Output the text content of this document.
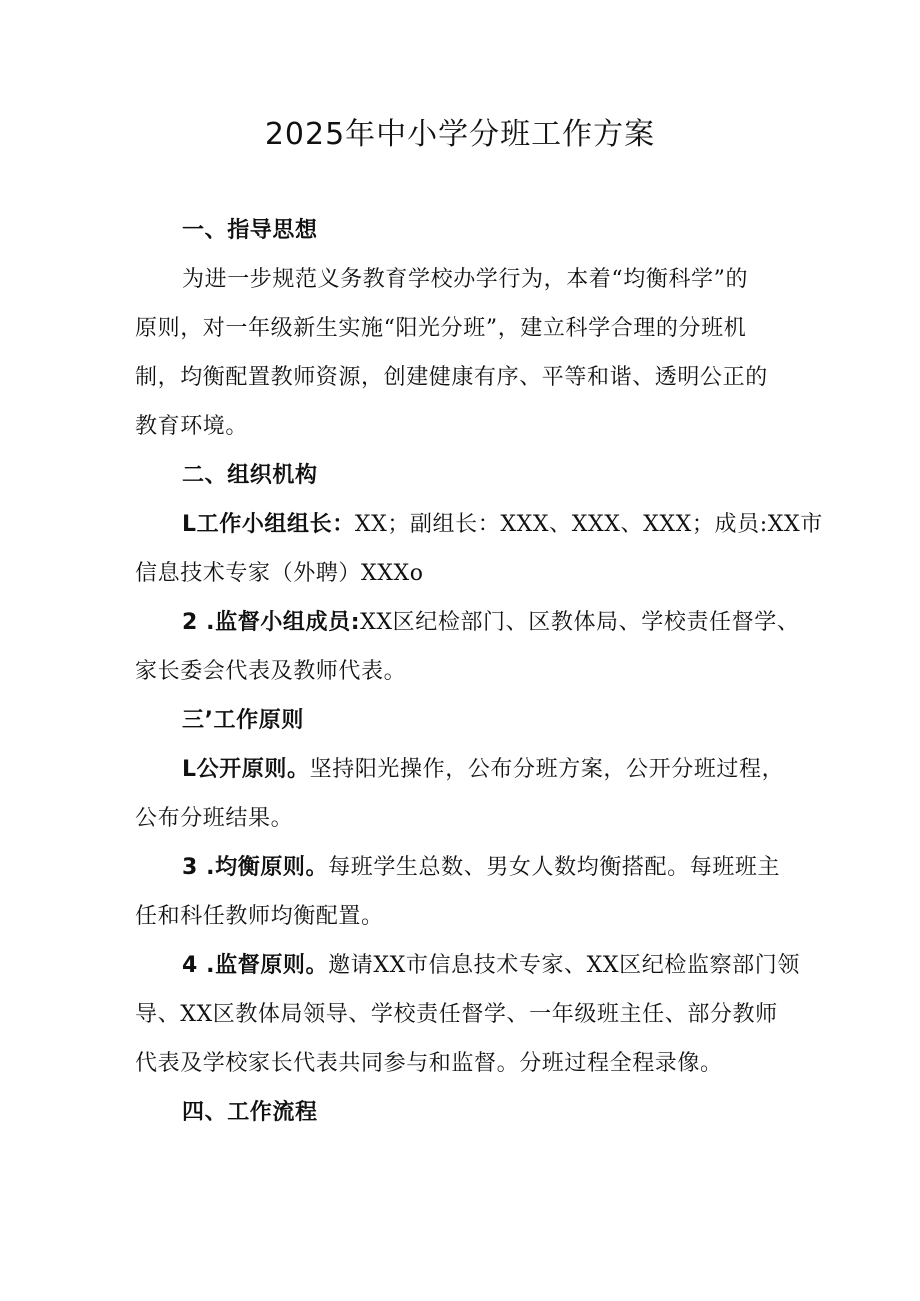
2025年中小学分班工作方案
一、指导思想
为进一步规范义务教育学校办学行为，本着“均衡科学”的
原则，对一年级新生实施“阳光分班”，建立科学合理的分班机
制，均衡配置教师资源，创建健康有序、平等和谐、透明公正的
教育环境。
二、组织机构
L工作小组组长：XX；副组长：XXX、XXX、XXX；成员:XX市
信息技术专家（外聘）XXXo
2 .监督小组成员:XX区纪检部门、区教体局、学校责任督学、
家长委会代表及教师代表。
三’工作原则
L公开原则。坚持阳光操作，公布分班方案，公开分班过程，
公布分班结果。
3 .均衡原则。每班学生总数、男女人数均衡搭配。每班班主
任和科任教师均衡配置。
4 .监督原则。邀请XX市信息技术专家、XX区纪检监察部门领
导、XX区教体局领导、学校责任督学、一年级班主任、部分教师
代表及学校家长代表共同参与和监督。分班过程全程录像。
四、工作流程
